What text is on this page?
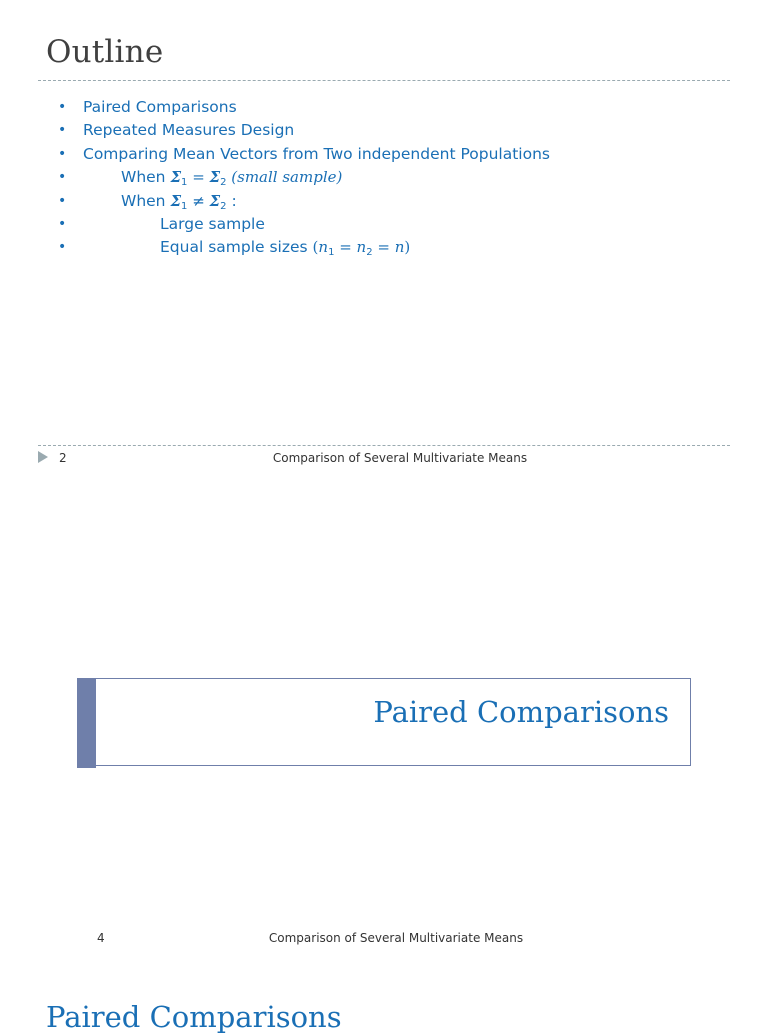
Outline
• Paired Comparisons
• Repeated Measures Design
• Comparing Mean Vectors from Two independent Populations
•	When $\Sigma_1 = \Sigma_2$ (small sample)
•	When $\Sigma_1 \ne \Sigma_2$ :
•	Large sample
•	Equal sample sizes $(n_1 = n_2 = n)$
2	Comparison of Several Multivariate Means
Paired Comparisons
4	Comparison of Several Multivariate Means
Paired Comparisons
